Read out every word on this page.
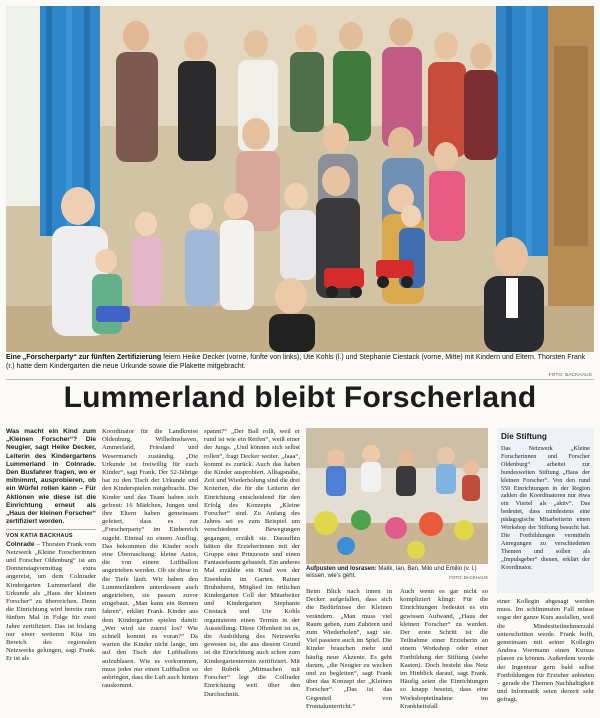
Eine „Forscherparty“ zur fünften Zertifizierung feiern Heike Decker (vorne, fünfte von links), Ute Kohls (l.) und Stephanie Ciestack (vorne, Mitte) mit Kindern und Eltern. Thorsten Frank (r.) hatte dem Kindergarten die neue Urkunde sowie die Plakette mitgebracht.
FOTO: BACKHAUS
Lummerland bleibt Forscherland

Was macht ein Kind zum „Kleinen Forscher“? Die Neugier, sagt Heike Decker, Leiterin des Kindergartens Lummerland in Colnrade. Den Busfahrer fragen, wo er mitnimmt, ausprobieren, ob ein Würfel rollen kann – Für Aktionen wie diese ist die Einrichtung erneut als „Haus der kleinen Forscher“ zertifiziert worden.

VON KATIA BACKHAUS

Colnrade – Thorsten Frank vom Netzwerk „Kleine Forscherinnen und Forscher Oldenburg“ ist am Donnerstagvormittag extra angereist, um dem Colnrader Kindergarten Lummerland die Urkunde als „Haus der kleinen Forscher“ zu überreichen. Denn die Einrichtung wird bereits zum fünften Mal in Folge für zwei Jahre zertifiziert. Das ist bislang nur einer weiteren Kita im Bereich des regionalen Netzwerks gelungen, sagt Frank. Er ist als

Koordinator für die Landkreise Oldenburg, Wilhelmshaven, Ammerland, Friesland und Wesermarsch zuständig. „Die Urkunde ist freiwillig für euch Kinder“, sagt Frank. Der 52-Jährige hat zu den Tisch der Urkunde und den Kinderspielen mitgebracht. Die Kinder und das Team haben sich gefreut: 16 Mädchen, Jungen und ihre Eltern haben gemeinsam gefeiert, dass es zur „Forscherparty“ im Einbereich zugeht. Einmal zu einem Ausflug. Das bekommen die Kinder noch eine Überraschung: kleine Autos, die von einem Luftballon angetrieben werden. Ob sie diese in die Tiefe läuft. Wir haben den Lummerländern unterdessen auch angetrieben, sie passen zuvor eingebaut. „Man kann ein Rennen fahren“, erklärt Frank. Kinder aus dem Kindergarten spielen damit: „Wer wird sie zuerst los? Wie schnell kommt es voran?“ Da warten die Kinder nicht lange, um auf den Tisch der Luftballons aufzublasen. Wie es vorkommen, muss jedes nur einen Luftballon so anbringen, dass die Luft auch hinten rauskommt.

spannt?“ „Der Ball rollt, weil er rund ist wie ein Reifen“, weiß einer der Jungs. „Und können sich selbst rollen“, fragt Decker weiter. „Jaaa“, kommt es zurück. Auch das haben die Kinder ausprobiert. Alltagsnähe, Zeit und Wiederholung sind die drei Kriterien, die für die Leiterin der Einrichtung entscheidend für den Erfolg des Konzepts „Kleine Forscher“ sind. Zu Anfang des Jahres sei es zum Beispiel um verschiedene Bewegungen gegangen, erzählt sie. Daraufhin hätten die Erzieherinnen mit der Gruppe eine Prinzessin und einen Fantasiebaum gebastelt. Ein anderes Mal erzählte ein Kind von der Eisenbahn im Garten. Rainer Bruhnhorst, Mitglied im örtlichen Kindergarten Coll der Mitarbeiter und Kindergarten Stephanie Ciestack und Ute Kohls organisieren einen Termin in der Ausstellung. Diese Offenheit ist es, die Ausbildung des Netzwerks gewesen ist, die aus diesem Grund ist die Einrichtung auch schon zum Kindergartentermin zertifiziert. Mit der Rubrik „Mitmachen mit Forscher“ legt die Collrader Einrichtung weit über den Durchschnitt.

Aufpusten und losrasen: Malik, Ian, Ben, Milo und Emilio (v. l.) wissen, wie’s geht.	FOTO: BACKHAUS

Beim Blick nach innen in Decker aufgefallen, dass sich die Bedürfnisse der Kleinen verändern. „Man muss viel Raum geben, zum Zuhören und zum Wiederholen“, sagt sie. Viel passiere auch im Spiel. Die Kinder brauchen mehr und häufig neue Akzente. Es geht darum, „die Neugier zu wecken und zu begleiten“, sagt Frank über das Konzept der „Kleinen Forscher“. „Das ist das Gegenteil von Frontalunterricht.“

Auch wenn es gar nicht so kompliziert klingt: Für die Einrichtungen bedeutet es ein gewissen Aufwand, „Haus der kleinen Forscher“ zu werden. Der erste Schritt ist die Teilnahme einer Erzieherin an einem Workshop oder einer Fortbildung der Stiftung (siehe Kasten). Doch besteht das Netz im Hinblick darauf, sagt Frank. Häufig seien die Einrichtungen so knapp besetzt, dass eine Workshopteilnahme im Krankheitsfall

einer Kollegin abgesagt werden muss. Im schlimmsten Fall müsse sogar der ganze Kurs ausfallen, weil die Mindestteilnehmerzahl unterschritten werde. Frank hofft, gemeinsam mit seiner Kollegin Andrea Voermann einen Kursus planen zu können. Außerdem wurde der Ingenieur gern bald selbst Fortbildungen für Erzieher anbieten – gerade die Themen Nachhaltigkeit und Informatik seien derzeit sehr gefragt.

Die Stiftung

Das Netzwerk „Kleine Forscherinnen und Forscher Oldenburg“ arbeitet zur bundesweiten Stiftung „Haus der kleinen Forscher“. Von den rund 550 Einrichtungen in der Region zahlen die Koordinatoren nur etwa ein Viertel als „aktiv“. Das bedeutet, dass mindestens eine pädagogische Mitarbeiterin einen Workshop der Stiftung besucht hat. Die Fortbildungen vermitteln Anregungen zu verschiedenen Themen und sollen als „Impulsgeber“ dienen, erklärt der Koordinator.
